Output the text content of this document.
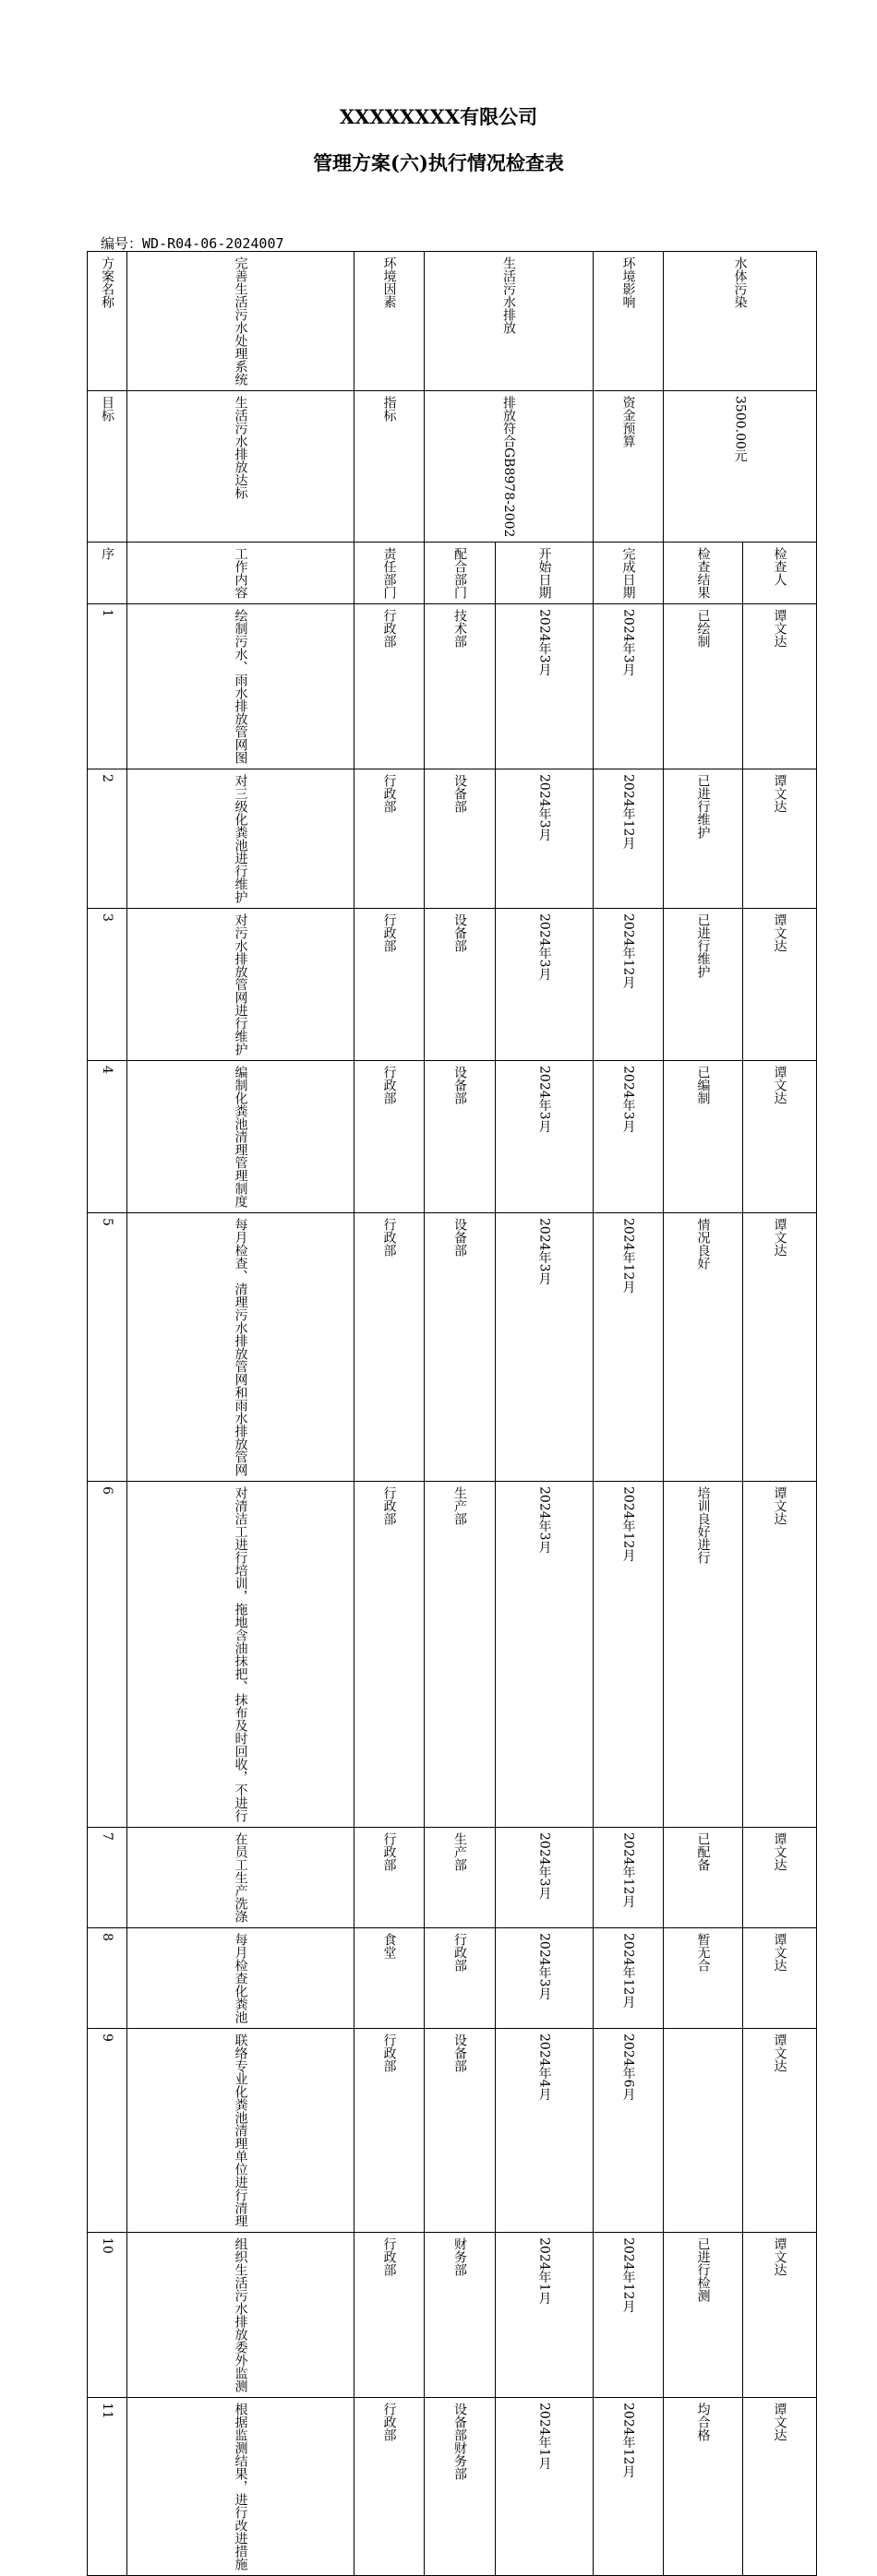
XXXXXXXX有限公司
管理方案(六)执行情况检查表
编号：WD-R04-06-2024007
方案名称	完善生活污水处理系统	环境因素	生活污水排放		环境影响	水体污染	

目标	生活污水排放达标	指标	排放符合GB8978-2002		资金预算	3500.00元	

序	工作内容	责任部门	配合部门	开始日期	完成日期	检查结果	检查人

1	绘制污水、雨水排放管网图	行政部	技术部	2024年3月	2024年3月	已绘制	谭文达

2	对三级化粪池进行维护	行政部	设备部	2024年3月	2024年12月	已进行维护	谭文达

3	对污水排放管网进行维护	行政部	设备部	2024年3月	2024年12月	已进行维护	谭文达

4	编制化粪池清理管理制度	行政部	设备部	2024年3月	2024年3月	已编制	谭文达

5	每月检查、清理污水排放管网和雨水排放管网	行政部	设备部	2024年3月	2024年12月	情况良好	谭文达

6	对清洁工进行培训，拖地含油抹把、抹布及时回收，不进行	行政部	生产部	2024年3月	2024年12月	培训良好进行	谭文达

7	在员工生产洗涤	行政部	生产部	2024年3月	2024年12月	已配备	谭文达

8	每月检查化粪池	食堂	行政部	2024年3月	2024年12月	暂无合	谭文达

9	联络专业化粪池清理单位进行清理	行政部	设备部	2024年4月	2024年6月		谭文达

10	组织生活污水排放委外监测	行政部	财务部	2024年1月	2024年12月	已进行检测	谭文达

11	根据监测结果，进行改进措施	行政部	设备部财务部	2024年1月	2024年12月	均合格	谭文达
